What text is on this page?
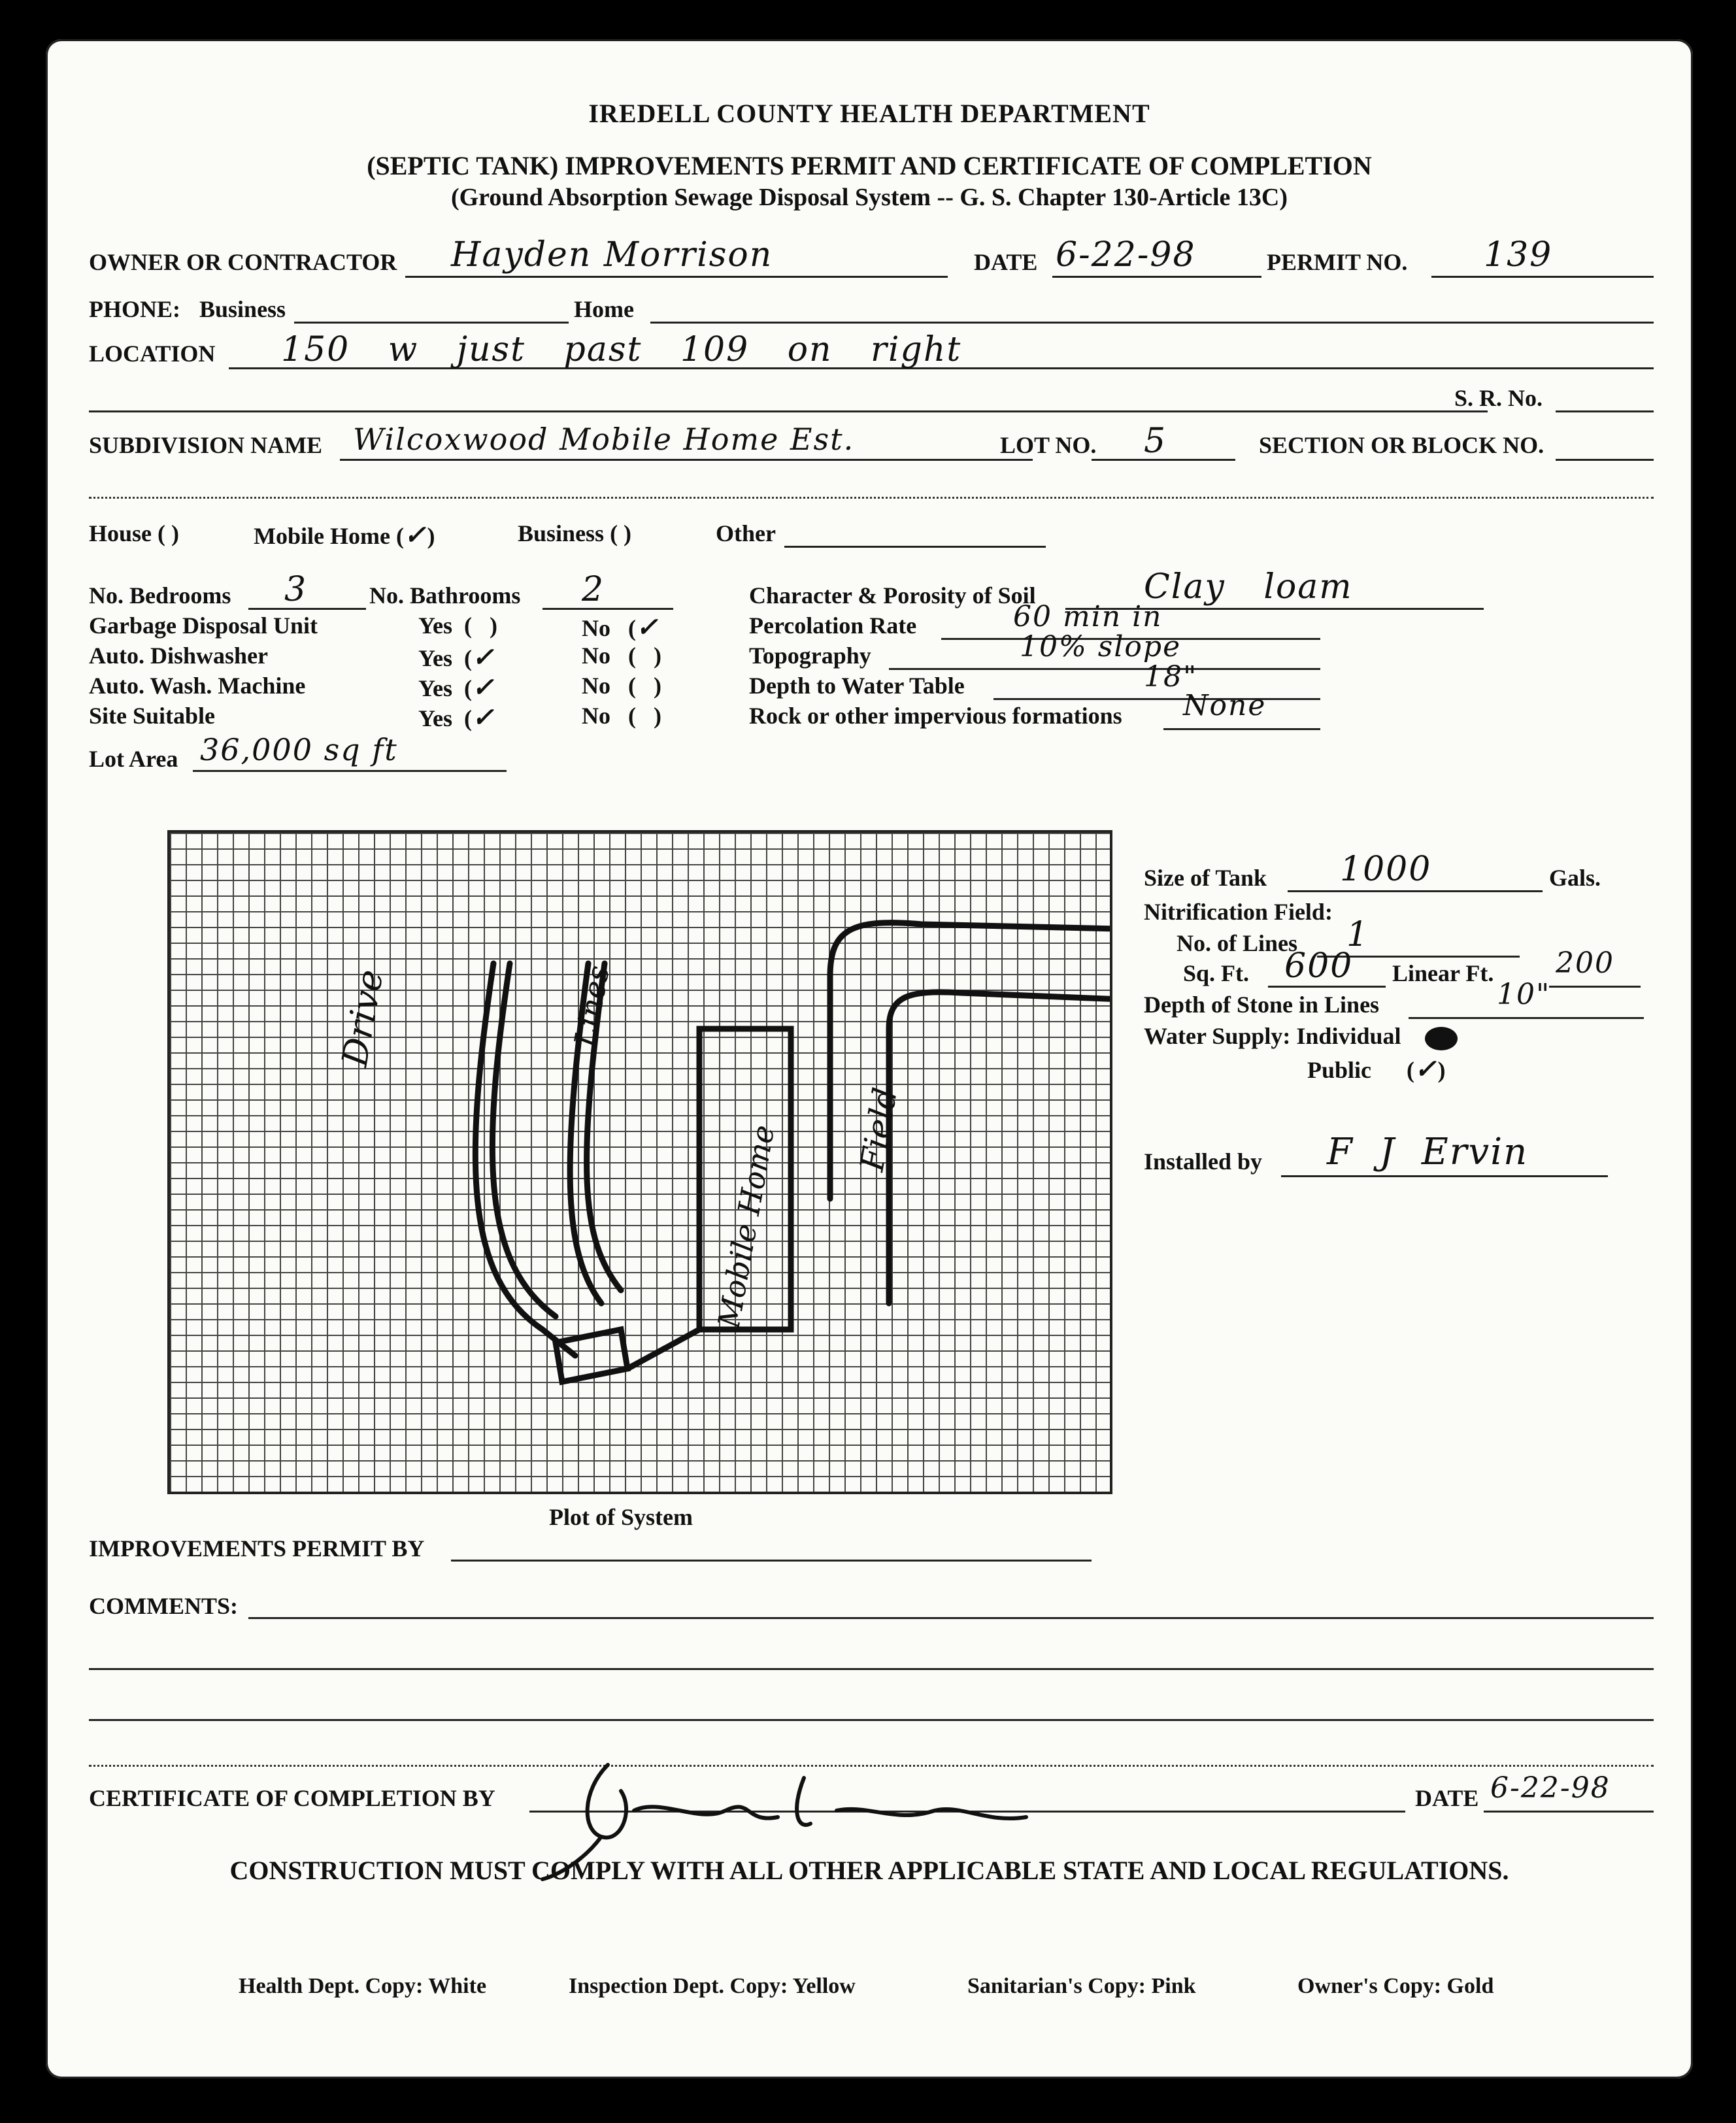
IREDELL COUNTY HEALTH DEPARTMENT
(SEPTIC TANK) IMPROVEMENTS PERMIT AND CERTIFICATE OF COMPLETION
(Ground Absorption Sewage Disposal System -- G. S. Chapter 130-Article 13C)
OWNER OR CONTRACTOR Hayden Morrison	DATE 6-22-98	PERMIT NO. 139
PHONE: Business	Home
LOCATION 150 w just past 109 on right
S. R. No.
SUBDIVISION NAME Wilcoxwood Mobile Home Est.	LOT NO. 5	SECTION OR BLOCK NO.
House ( )	Mobile Home (✓)	Business ( )	Other
No. Bedrooms 3	No. Bathrooms 2
Garbage Disposal Unit	Yes ( )	No (✓
Auto. Dishwasher	Yes (✓	No ( )
Auto. Wash. Machine	Yes (✓	No ( )
Site Suitable	Yes (✓	No ( )
Lot Area 36,000 sq ft
Character & Porosity of Soil	Clay loam
Percolation Rate	60 min in
Topography	10% slope
Depth to Water Table	18"
Rock or other impervious formations None
Drive	Lines
Mobile Home Field
Plot of System
Size of Tank 1000	Gals.
Nitrification Field:
No. of Lines 1
Sq. Ft. 600 Linear Ft. 200
Depth of Stone in Lines	10"
Water Supply: Individual
Public (✓)
Installed by F J Ervin
IMPROVEMENTS PERMIT BY
COMMENTS:
CERTIFICATE OF COMPLETION BY	DATE 6-22-98
CONSTRUCTION MUST COMPLY WITH ALL OTHER APPLICABLE STATE AND LOCAL REGULATIONS.
Health Dept. Copy: White	Inspection Dept. Copy: Yellow	Sanitarian's Copy: Pink	Owner's Copy: Gold
